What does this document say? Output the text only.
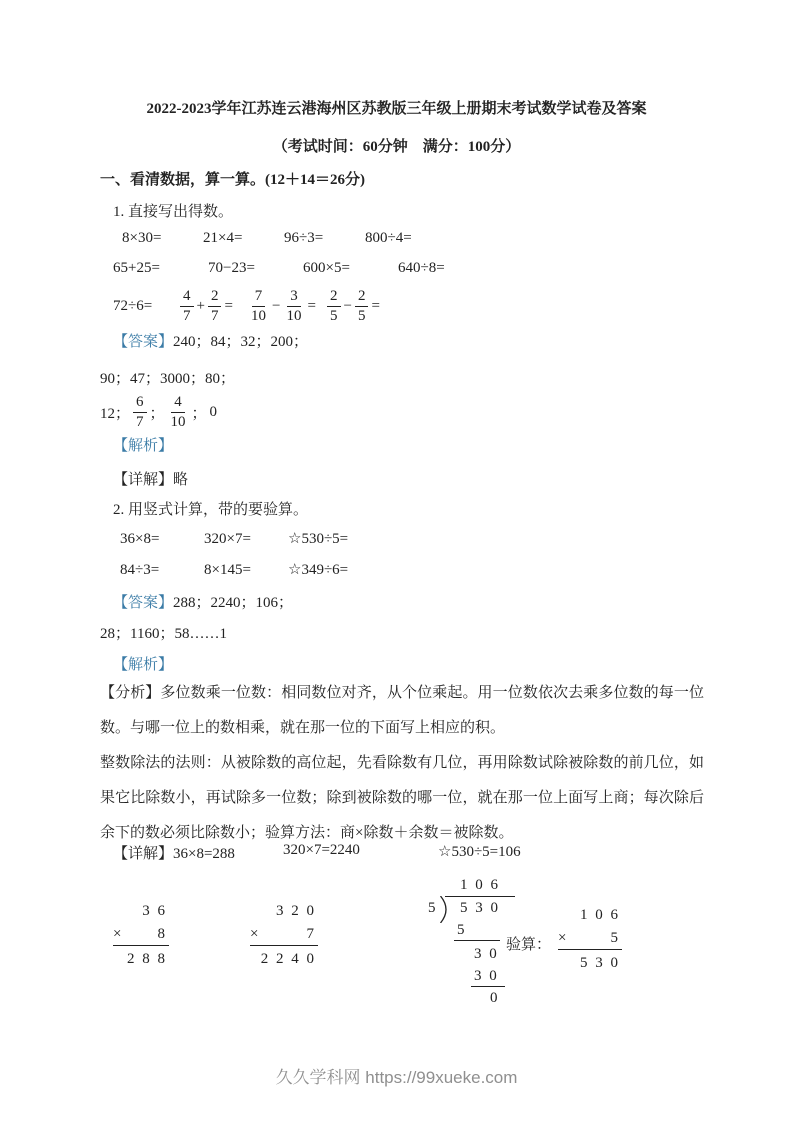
2022-2023学年江苏连云港海州区苏教版三年级上册期末考试数学试卷及答案
（考试时间：60分钟　满分：100分）
一、看清数据，算一算。(12＋14＝26分)
1. 直接写出得数。
8×30=	21×4=	96÷3=	800÷4=
65+25=	70−23=	600×5=	640÷8=
$72\div 6= \frac{4}{7} + \frac{2}{7} = \frac{7}{10} - \frac{3}{10} = \frac{2}{5} - \frac{2}{5}$ =
【答案】240；84；32；200；
90；47；3000；80；
12； $\frac{6}{7}$ ； $\frac{4}{10}$ ； 0
【解析】
【详解】略
2. 用竖式计算，带的要验算。
36×8=	320×7= ☆530÷5=
84÷3=	8×145= ☆349÷6=
【答案】288；2240；106；
28；1160；58……1
【解析】

【分析】多位数乘一位数：相同数位对齐，从个位乘起。用一位数依次去乘多位数的每一位数。与哪一位上的数相乘，就在那一位的下面写上相应的积。

整数除法的法则：从被除数的高位起，先看除数有几位，再用除数试除被除数的前几位，如果它比除数小，再试除多一位数；除到被除数的哪一位，就在那一位上面写上商；每次除后余下的数必须比除数小；验算方法：商×除数＋余数＝被除数。

【详解】36×8=288	320×7=2240	☆530÷5=106
3 6
× 8
2 8 8
3 2 0
×	7
2 2 4 0
1 0 6
5 5 3 0
5
3 0
3 0
0
验算：
1 0 6
×	5
5 3 0
久久学科网 https://99xueke.com
